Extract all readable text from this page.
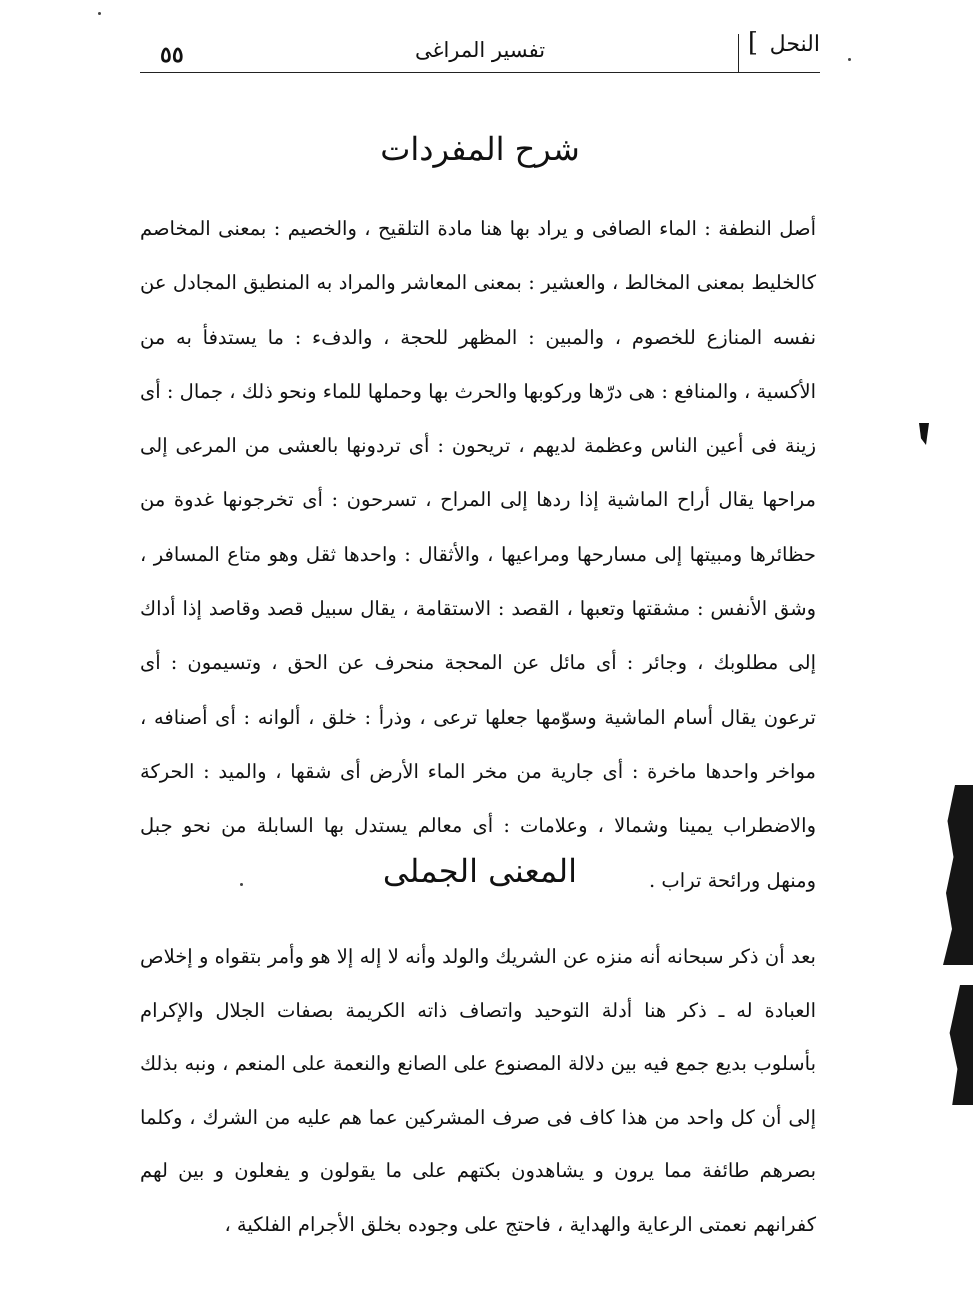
النحل
]
تفسير المراغى
٥٥
شرح المفردات

أصل النطفة : الماء الصافى و يراد بها هنا مادة التلقيح ، والخصيم : بمعنى المخاصم كالخليط بمعنى المخالط ، والعشير : بمعنى المعاشر والمراد به المنطيق المجادل عن نفسه المنازع للخصوم ، والمبين : المظهر للحجة ، والدفء : ما يستدفأ به من الأكسية ، والمنافع : هى درّها وركوبها والحرث بها وحملها للماء ونحو ذلك ، جمال : أى زينة فى أعين الناس وعظمة لديهم ، تريحون : أى تردونها بالعشى من المرعى إلى مراحها يقال أراح الماشية إذا ردها إلى المراح ، تسرحون : أى تخرجونها غدوة من حظائرها ومبيتها إلى مسارحها ومراعيها ، والأثقال : واحدها ثقل وهو متاع المسافر ، وشق الأنفس : مشقتها وتعبها ، القصد : الاستقامة ، يقال سبيل قصد وقاصد إذا أداك إلى مطلوبك ، وجائر : أى مائل عن المحجة منحرف عن الحق ، وتسيمون : أى ترعون يقال أسام الماشية وسوّمها جعلها ترعى ، وذرأ : خلق ، ألوانه : أى أصنافه ، مواخر واحدها ماخرة : أى جارية من مخر الماء الأرض أى شقها ، والميد : الحركة والاضطراب يمينا وشمالا ، وعلامات : أى معالم يستدل بها السابلة من نحو جبل ومنهل ورائحة تراب .

المعنى الجملى

بعد أن ذكر سبحانه أنه منزه عن الشريك والولد وأنه لا إله إلا هو وأمر بتقواه و إخلاص العبادة له ـ ذكر هنا أدلة التوحيد واتصاف ذاته الكريمة بصفات الجلال والإكرام بأسلوب بديع جمع فيه بين دلالة المصنوع على الصانع والنعمة على المنعم ، ونبه بذلك إلى أن كل واحد من هذا كاف فى صرف المشركين عما هم عليه من الشرك ، وكلما بصرهم طائفة مما يرون و يشاهدون بكتهم على ما يقولون و يفعلون و بين لهم كفرانهم نعمتى الرعاية والهداية ، فاحتج على وجوده بخلق الأجرام الفلكية ،
